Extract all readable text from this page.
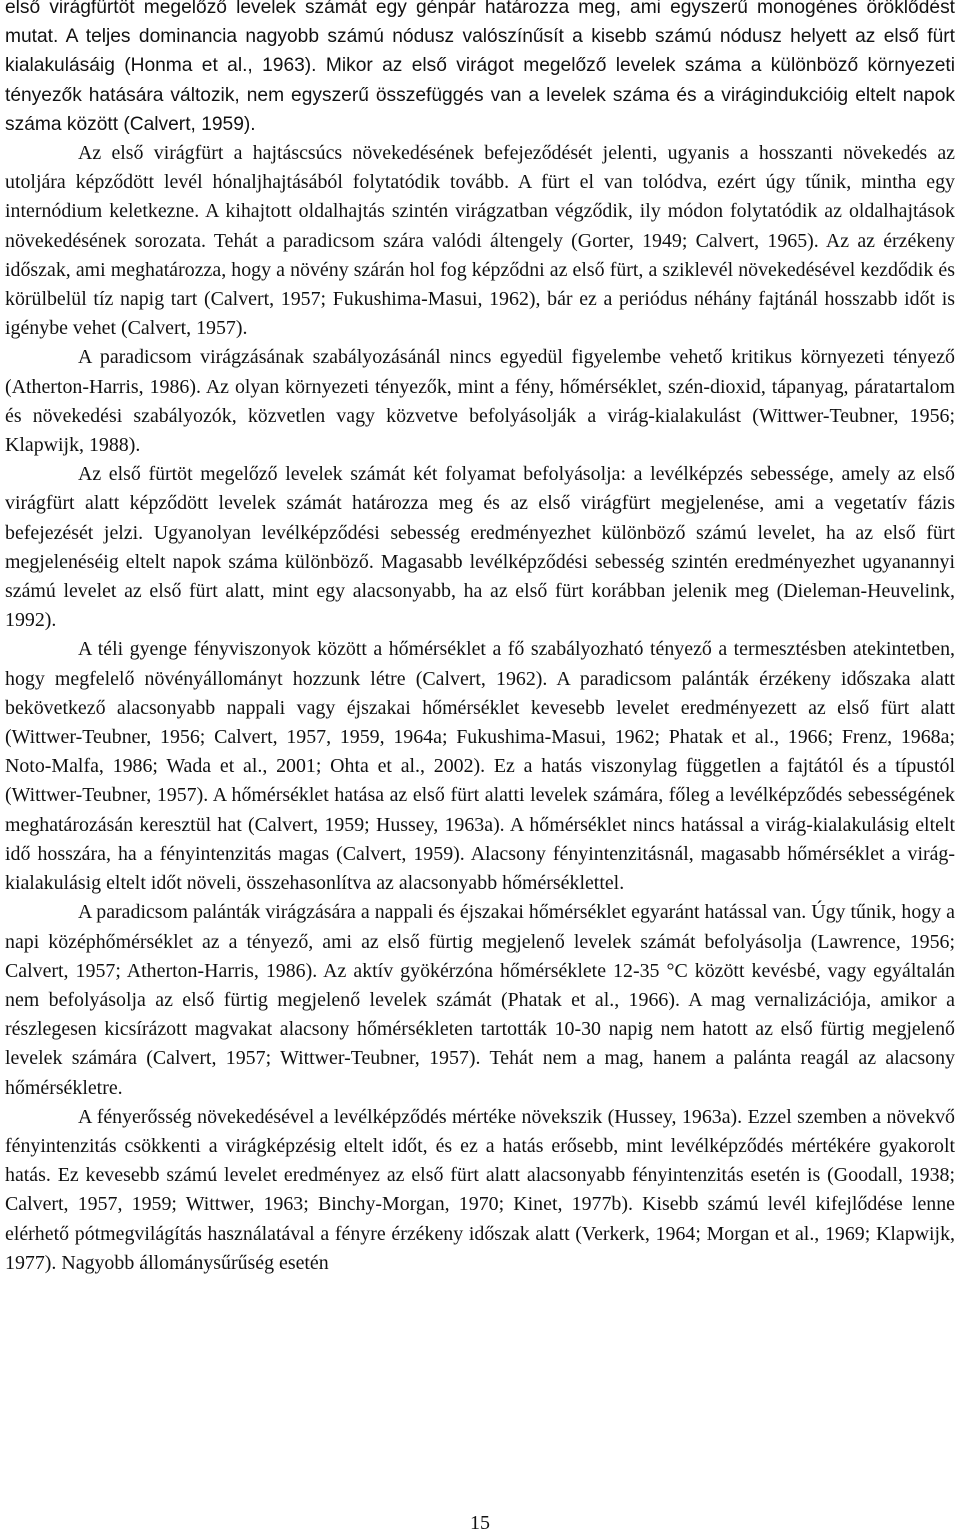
első virágfürtöt megelőző levelek számát egy génpár határozza meg, ami egyszerű monogénes öröklődést mutat. A teljes dominancia nagyobb számú nódusz valószínűsít a kisebb számú nódusz helyett az első fürt kialakulásáig (Honma et al., 1963). Mikor az első virágot megelőző levelek száma a különböző környezeti tényezők hatására változik, nem egyszerű összefüggés van a levelek száma és a virágindukcióig eltelt napok száma között (Calvert, 1959).

Az első virágfürt a hajtáscsúcs növekedésének befejeződését jelenti, ugyanis a hosszanti növekedés az utoljára képződött levél hónaljhajtásából folytatódik tovább. A fürt el van tolódva, ezért úgy tűnik, mintha egy internódium keletkezne. A kihajtott oldalhajtás szintén virágzatban végződik, ily módon folytatódik az oldalhajtások növekedésének sorozata. Tehát a paradicsom szára valódi áltengely (Gorter, 1949; Calvert, 1965). Az az érzékeny időszak, ami meghatározza, hogy a növény szárán hol fog képződni az első fürt, a sziklevél növekedésével kezdődik és körülbelül tíz napig tart (Calvert, 1957; Fukushima-Masui, 1962), bár ez a periódus néhány fajtánál hosszabb időt is igénybe vehet (Calvert, 1957).

A paradicsom virágzásának szabályozásánál nincs egyedül figyelembe vehető kritikus környezeti tényező (Atherton-Harris, 1986). Az olyan környezeti tényezők, mint a fény, hőmérséklet, szén-dioxid, tápanyag, páratartalom és növekedési szabályozók, közvetlen vagy közvetve befolyásolják a virág-kialakulást (Wittwer-Teubner, 1956; Klapwijk, 1988).

Az első fürtöt megelőző levelek számát két folyamat befolyásolja: a levélképzés sebessége, amely az első virágfürt alatt képződött levelek számát határozza meg és az első virágfürt megjelenése, ami a vegetatív fázis befejezését jelzi. Ugyanolyan levélképződési sebesség eredményezhet különböző számú levelet, ha az első fürt megjelenéséig eltelt napok száma különböző. Magasabb levélképződési sebesség szintén eredményezhet ugyanannyi számú levelet az első fürt alatt, mint egy alacsonyabb, ha az első fürt korábban jelenik meg (Dieleman-Heuvelink, 1992).

A téli gyenge fényviszonyok között a hőmérséklet a fő szabályozható tényező a termesztésben atekintetben, hogy megfelelő növényállományt hozzunk létre (Calvert, 1962). A paradicsom palánták érzékeny időszaka alatt bekövetkező alacsonyabb nappali vagy éjszakai hőmérséklet kevesebb levelet eredményezett az első fürt alatt (Wittwer-Teubner, 1956; Calvert, 1957, 1959, 1964a; Fukushima-Masui, 1962; Phatak et al., 1966; Frenz, 1968a; Noto-Malfa, 1986; Wada et al., 2001; Ohta et al., 2002). Ez a hatás viszonylag független a fajtától és a típustól (Wittwer-Teubner, 1957). A hőmérséklet hatása az első fürt alatti levelek számára, főleg a levélképződés sebességének meghatározásán keresztül hat (Calvert, 1959; Hussey, 1963a). A hőmérséklet nincs hatással a virág-kialakulásig eltelt idő hosszára, ha a fényintenzitás magas (Calvert, 1959). Alacsony fényintenzitásnál, magasabb hőmérséklet a virág-kialakulásig eltelt időt növeli, összehasonlítva az alacsonyabb hőmérséklettel.

A paradicsom palánták virágzására a nappali és éjszakai hőmérséklet egyaránt hatással van. Úgy tűnik, hogy a napi középhőmérséklet az a tényező, ami az első fürtig megjelenő levelek számát befolyásolja (Lawrence, 1956; Calvert, 1957; Atherton-Harris, 1986). Az aktív gyökérzóna hőmérséklete 12-35 °C között kevésbé, vagy egyáltalán nem befolyásolja az első fürtig megjelenő levelek számát (Phatak et al., 1966). A mag vernalizációja, amikor a részlegesen kicsírázott magvakat alacsony hőmérsékleten tartották 10-30 napig nem hatott az első fürtig megjelenő levelek számára (Calvert, 1957; Wittwer-Teubner, 1957). Tehát nem a mag, hanem a palánta reagál az alacsony hőmérsékletre.

A fényerősség növekedésével a levélképződés mértéke növekszik (Hussey, 1963a). Ezzel szemben a növekvő fényintenzitás csökkenti a virágképzésig eltelt időt, és ez a hatás erősebb, mint levélképződés mértékére gyakorolt hatás. Ez kevesebb számú levelet eredményez az első fürt alatt alacsonyabb fényintenzitás esetén is (Goodall, 1938; Calvert, 1957, 1959; Wittwer, 1963; Binchy-Morgan, 1970; Kinet, 1977b). Kisebb számú levél kifejlődése lenne elérhető pótmegvilágítás használatával a fényre érzékeny időszak alatt (Verkerk, 1964; Morgan et al., 1969; Klapwijk, 1977). Nagyobb állománysűrűség esetén

15
